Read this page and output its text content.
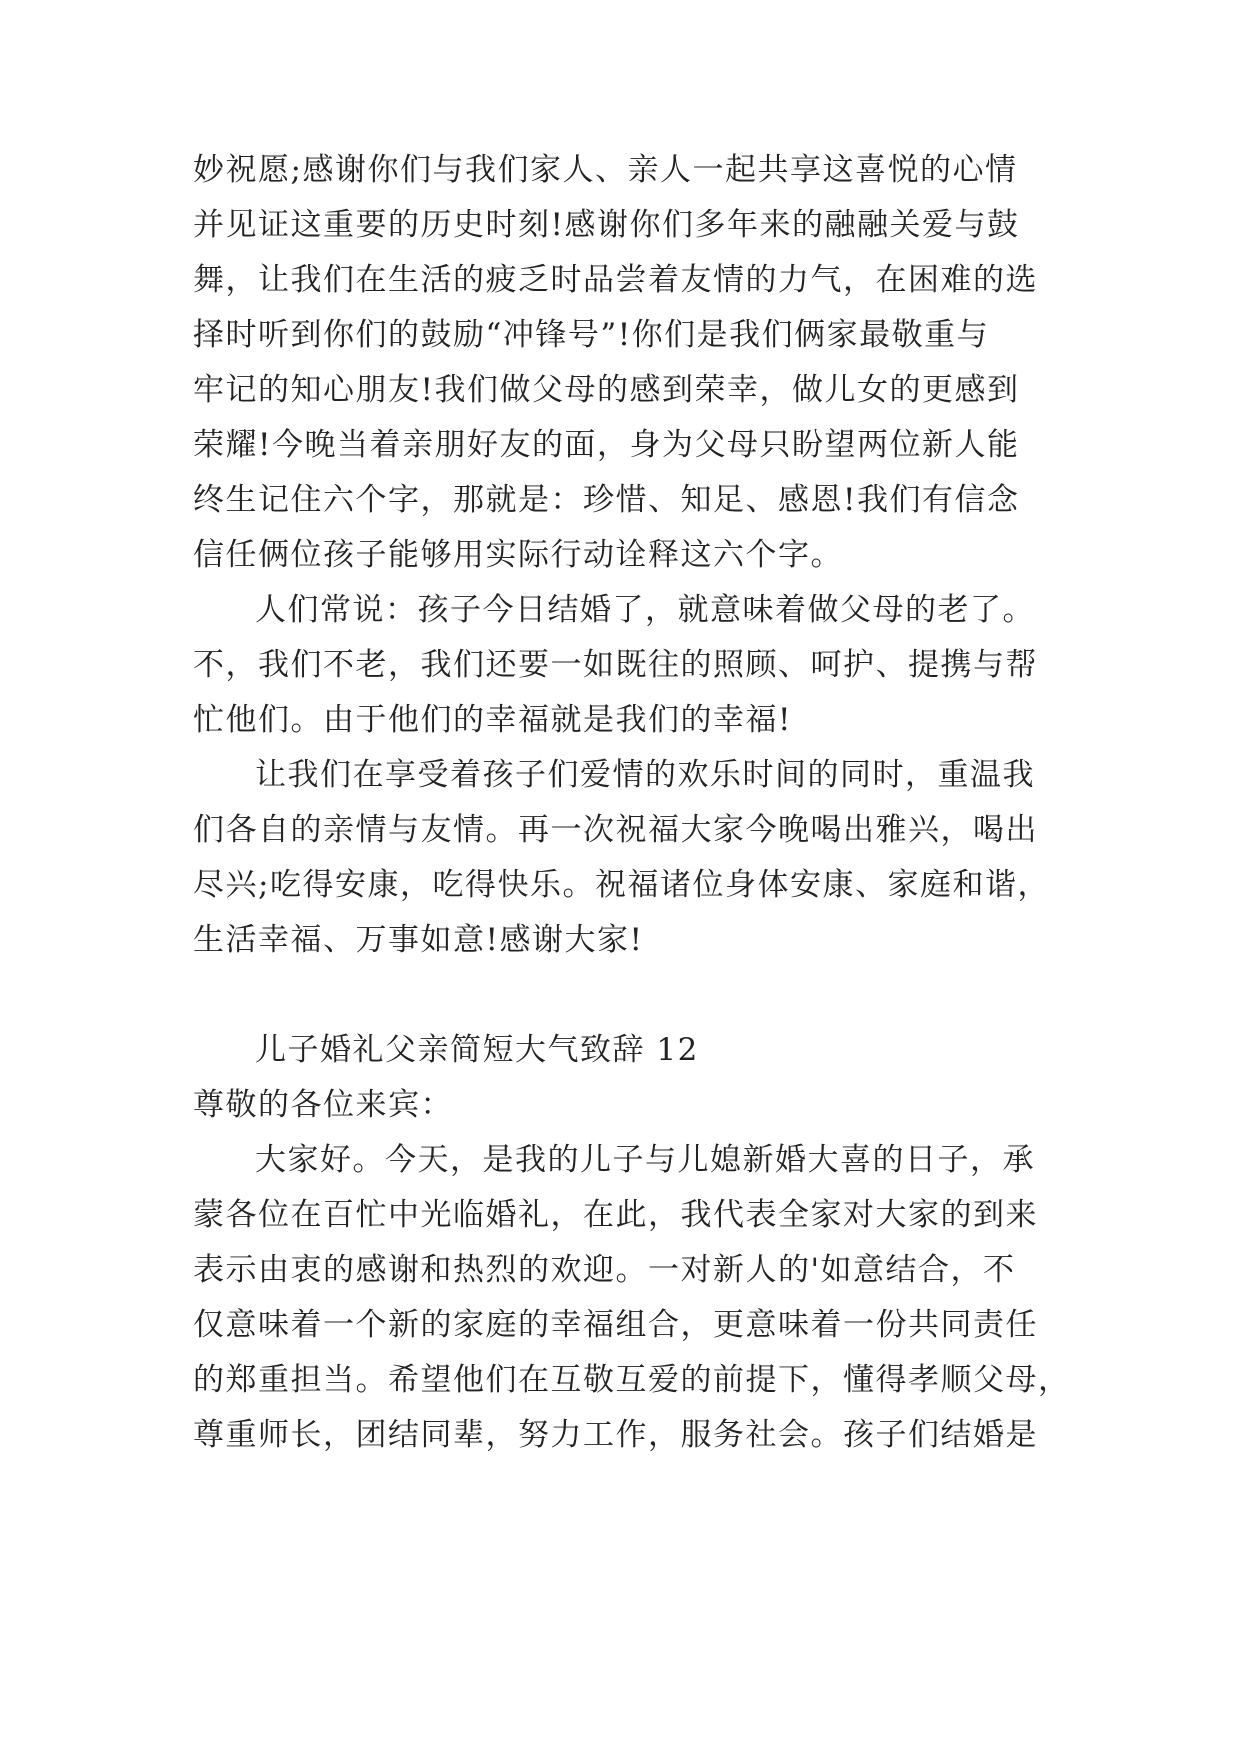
妙祝愿;感谢你们与我们家人、亲人一起共享这喜悦的心情
并见证这重要的历史时刻!感谢你们多年来的融融关爱与鼓
舞，让我们在生活的疲乏时品尝着友情的力气，在困难的选
择时听到你们的鼓励“冲锋号”!你们是我们俩家最敬重与
牢记的知心朋友!我们做父母的感到荣幸，做儿女的更感到
荣耀!今晚当着亲朋好友的面，身为父母只盼望两位新人能
终生记住六个字，那就是：珍惜、知足、感恩!我们有信念
信任俩位孩子能够用实际行动诠释这六个字。
人们常说：孩子今日结婚了，就意味着做父母的老了。
不，我们不老，我们还要一如既往的照顾、呵护、提携与帮
忙他们。由于他们的幸福就是我们的幸福!
让我们在享受着孩子们爱情的欢乐时间的同时，重温我
们各自的亲情与友情。再一次祝福大家今晚喝出雅兴，喝出
尽兴;吃得安康，吃得快乐。祝福诸位身体安康、家庭和谐，
生活幸福、万事如意!感谢大家!
儿子婚礼父亲简短大气致辞 12
尊敬的各位来宾：
大家好。今天，是我的儿子与儿媳新婚大喜的日子，承
蒙各位在百忙中光临婚礼，在此，我代表全家对大家的到来
表示由衷的感谢和热烈的欢迎。一对新人的'如意结合，不
仅意味着一个新的家庭的幸福组合，更意味着一份共同责任
的郑重担当。希望他们在互敬互爱的前提下，懂得孝顺父母，
尊重师长，团结同辈，努力工作，服务社会。孩子们结婚是
